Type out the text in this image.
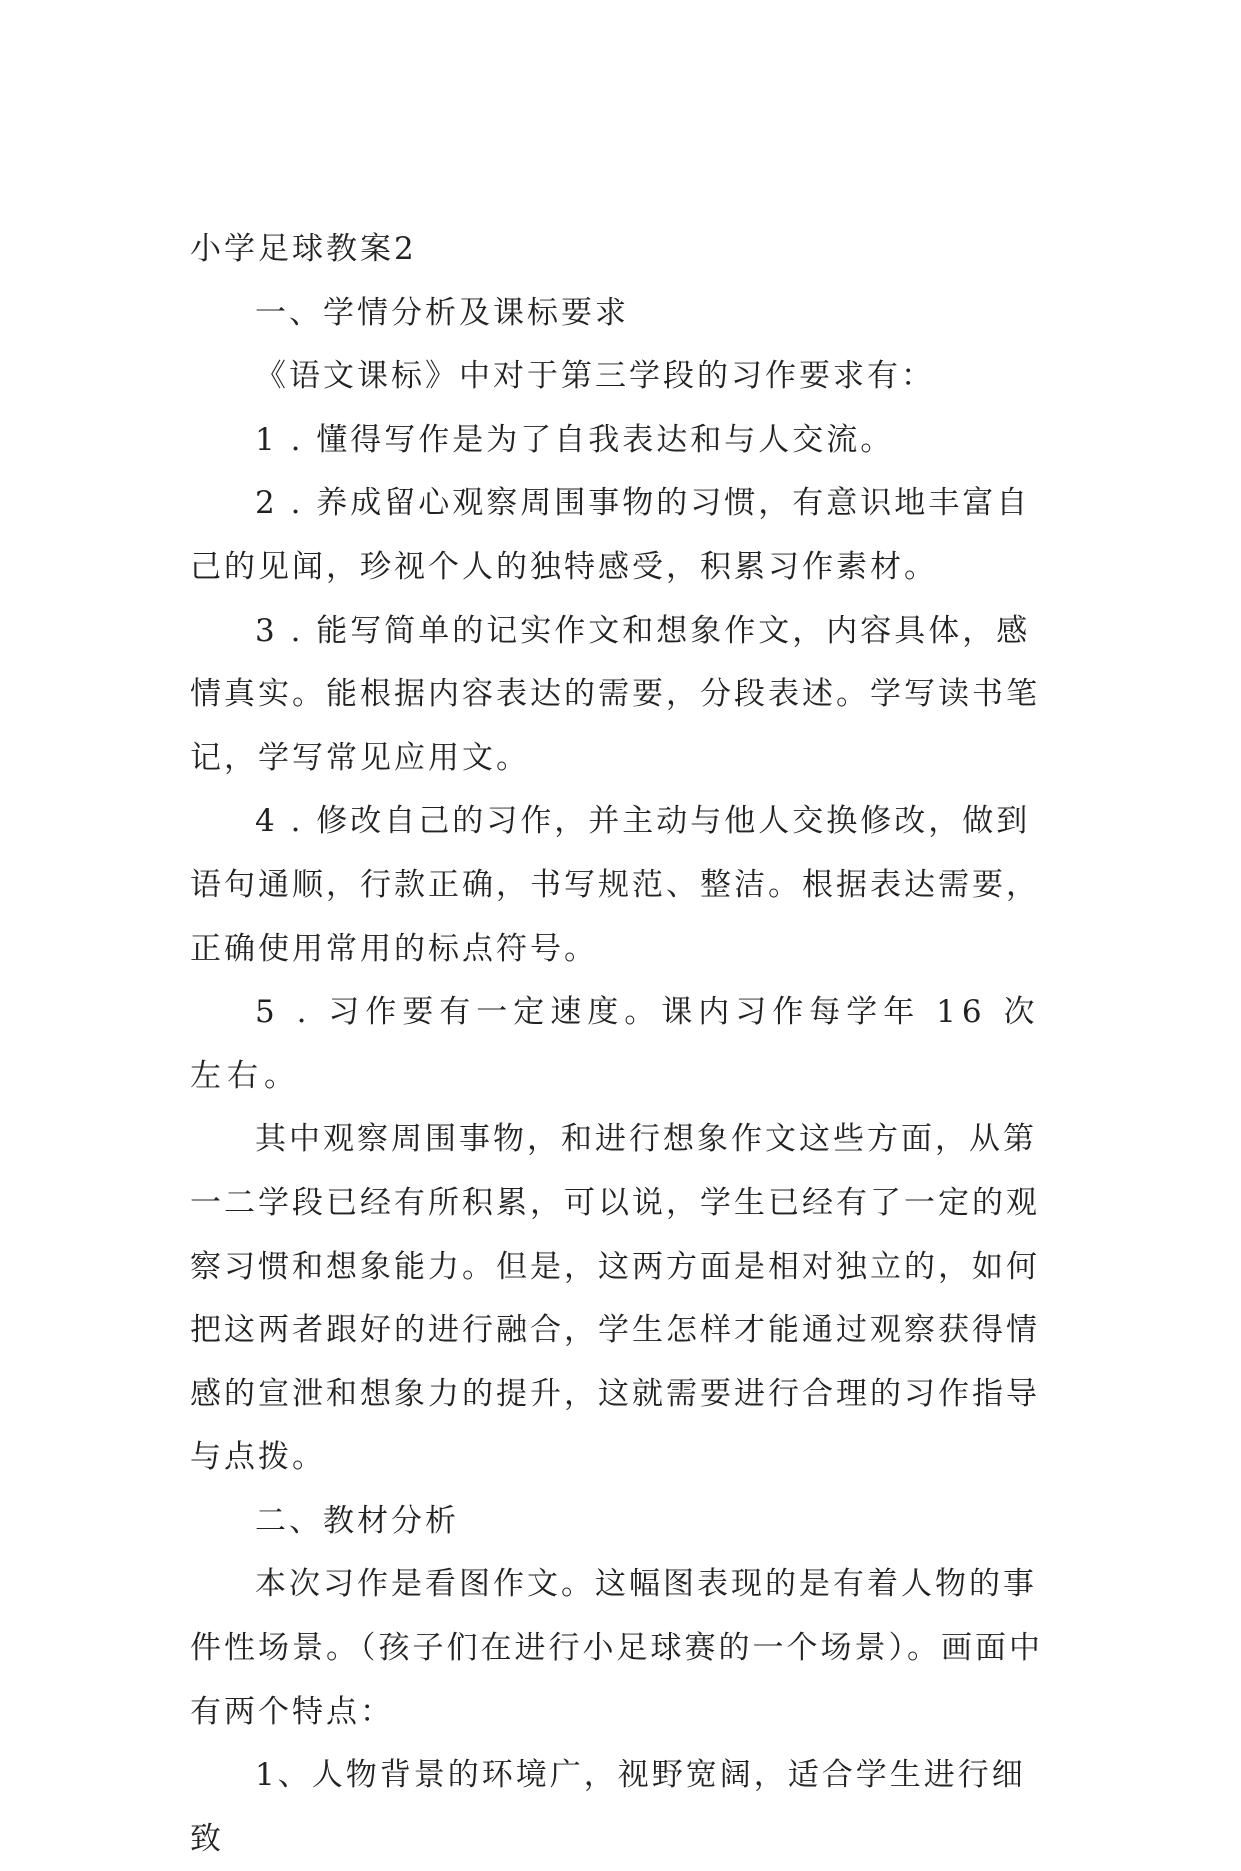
小学足球教案2

一、学情分析及课标要求

《语文课标》中对于第三学段的习作要求有：

1 . 懂得写作是为了自我表达和与人交流。

2 . 养成留心观察周围事物的习惯，有意识地丰富自己的见闻，珍视个人的独特感受，积累习作素材。

3 . 能写简单的记实作文和想象作文，内容具体，感情真实。能根据内容表达的需要，分段表述。学写读书笔记，学写常见应用文。

4 . 修改自己的习作，并主动与他人交换修改，做到语句通顺，行款正确，书写规范、整洁。根据表达需要，正确使用常用的标点符号。

5 . 习作要有一定速度。课内习作每学年 16 次左右。

其中观察周围事物，和进行想象作文这些方面，从第一二学段已经有所积累，可以说，学生已经有了一定的观察习惯和想象能力。但是，这两方面是相对独立的，如何把这两者跟好的进行融合，学生怎样才能通过观察获得情感的宣泄和想象力的提升，这就需要进行合理的习作指导与点拨。

二、教材分析

本次习作是看图作文。这幅图表现的是有着人物的事件性场景。（孩子们在进行小足球赛的一个场景）。画面中有两个特点：

1、人物背景的环境广，视野宽阔，适合学生进行细致
